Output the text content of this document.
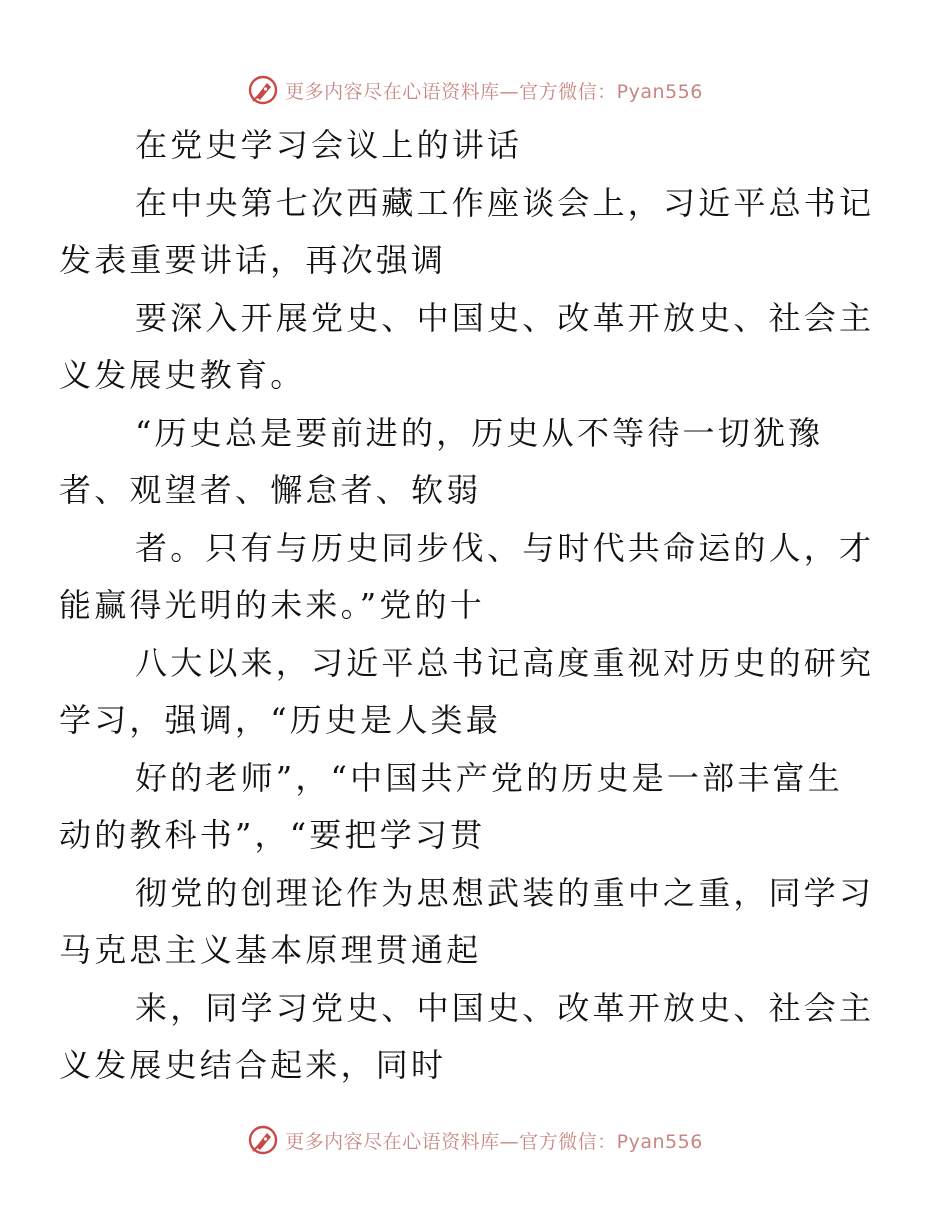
更多内容尽在心语资料库—官方微信：Pyan556

在党史学习会议上的讲话

在中央第七次西藏工作座谈会上，习近平总书记
发表重要讲话，再次强调

要深入开展党史、中国史、改革开放史、社会主
义发展史教育。

“历史总是要前进的，历史从不等待一切犹豫
者、观望者、懈怠者、软弱

者。只有与历史同步伐、与时代共命运的人，才
能赢得光明的未来。”党的十

八大以来，习近平总书记高度重视对历史的研究
学习，强调，“历史是人类最

好的老师”，“中国共产党的历史是一部丰富生
动的教科书”，“要把学习贯

彻党的创理论作为思想武装的重中之重，同学习
马克思主义基本原理贯通起

来，同学习党史、中国史、改革开放史、社会主
义发展史结合起来，同时

更多内容尽在心语资料库—官方微信：Pyan556
